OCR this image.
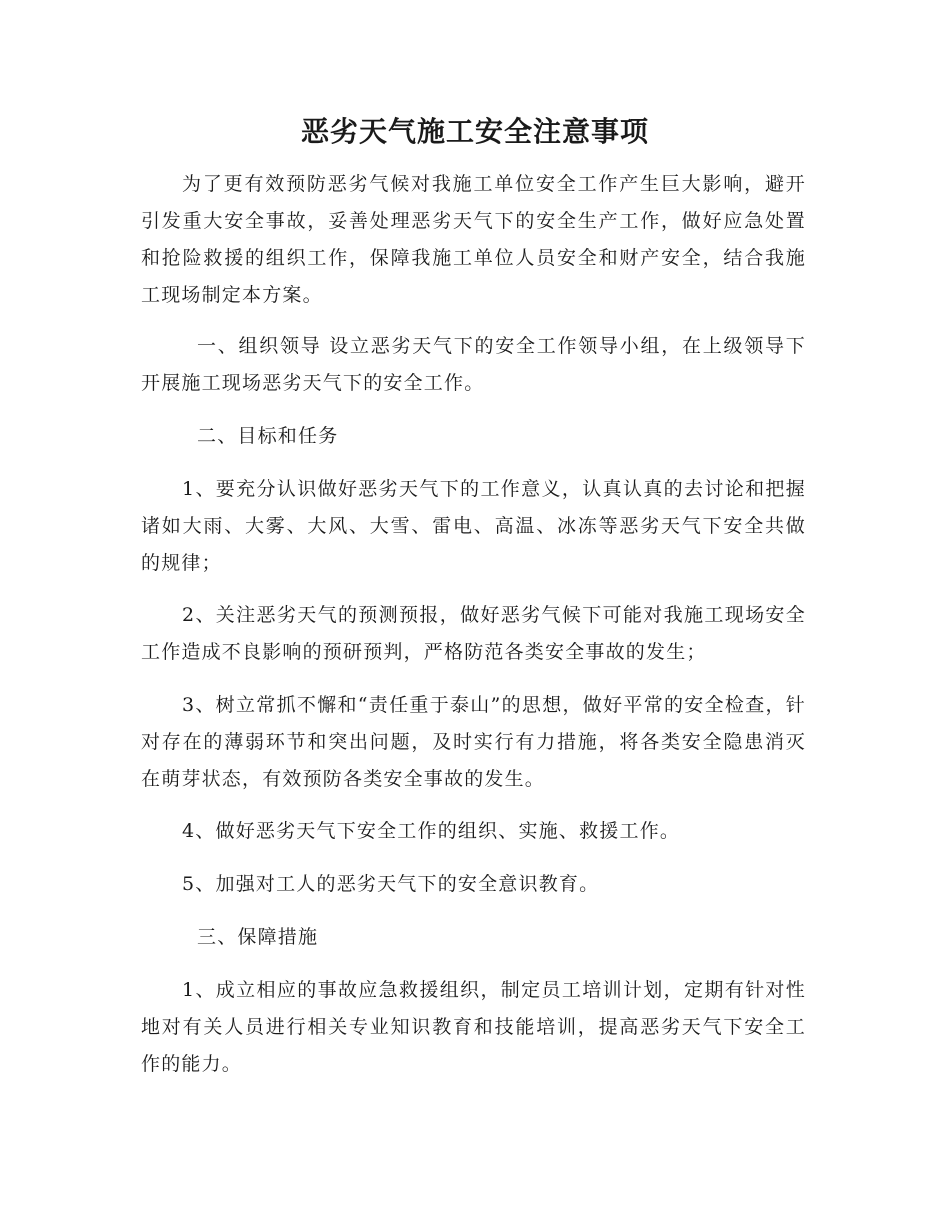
恶劣天气施工安全注意事项

为了更有效预防恶劣气候对我施工单位安全工作产生巨大影响，避开引发重大安全事故，妥善处理恶劣天气下的安全生产工作，做好应急处置和抢险救援的组织工作，保障我施工单位人员安全和财产安全，结合我施工现场制定本方案。

一、组织领导 设立恶劣天气下的安全工作领导小组，在上级领导下开展施工现场恶劣天气下的安全工作。

二、目标和任务

1、要充分认识做好恶劣天气下的工作意义，认真认真的去讨论和把握诸如大雨、大雾、大风、大雪、雷电、高温、冰冻等恶劣天气下安全共做的规律；

2、关注恶劣天气的预测预报，做好恶劣气候下可能对我施工现场安全工作造成不良影响的预研预判，严格防范各类安全事故的发生；

3、树立常抓不懈和“责任重于泰山”的思想，做好平常的安全检查，针对存在的薄弱环节和突出问题，及时实行有力措施，将各类安全隐患消灭在萌芽状态，有效预防各类安全事故的发生。

4、做好恶劣天气下安全工作的组织、实施、救援工作。

5、加强对工人的恶劣天气下的安全意识教育。

三、保障措施

1、成立相应的事故应急救援组织，制定员工培训计划，定期有针对性地对有关人员进行相关专业知识教育和技能培训，提高恶劣天气下安全工作的能力。
